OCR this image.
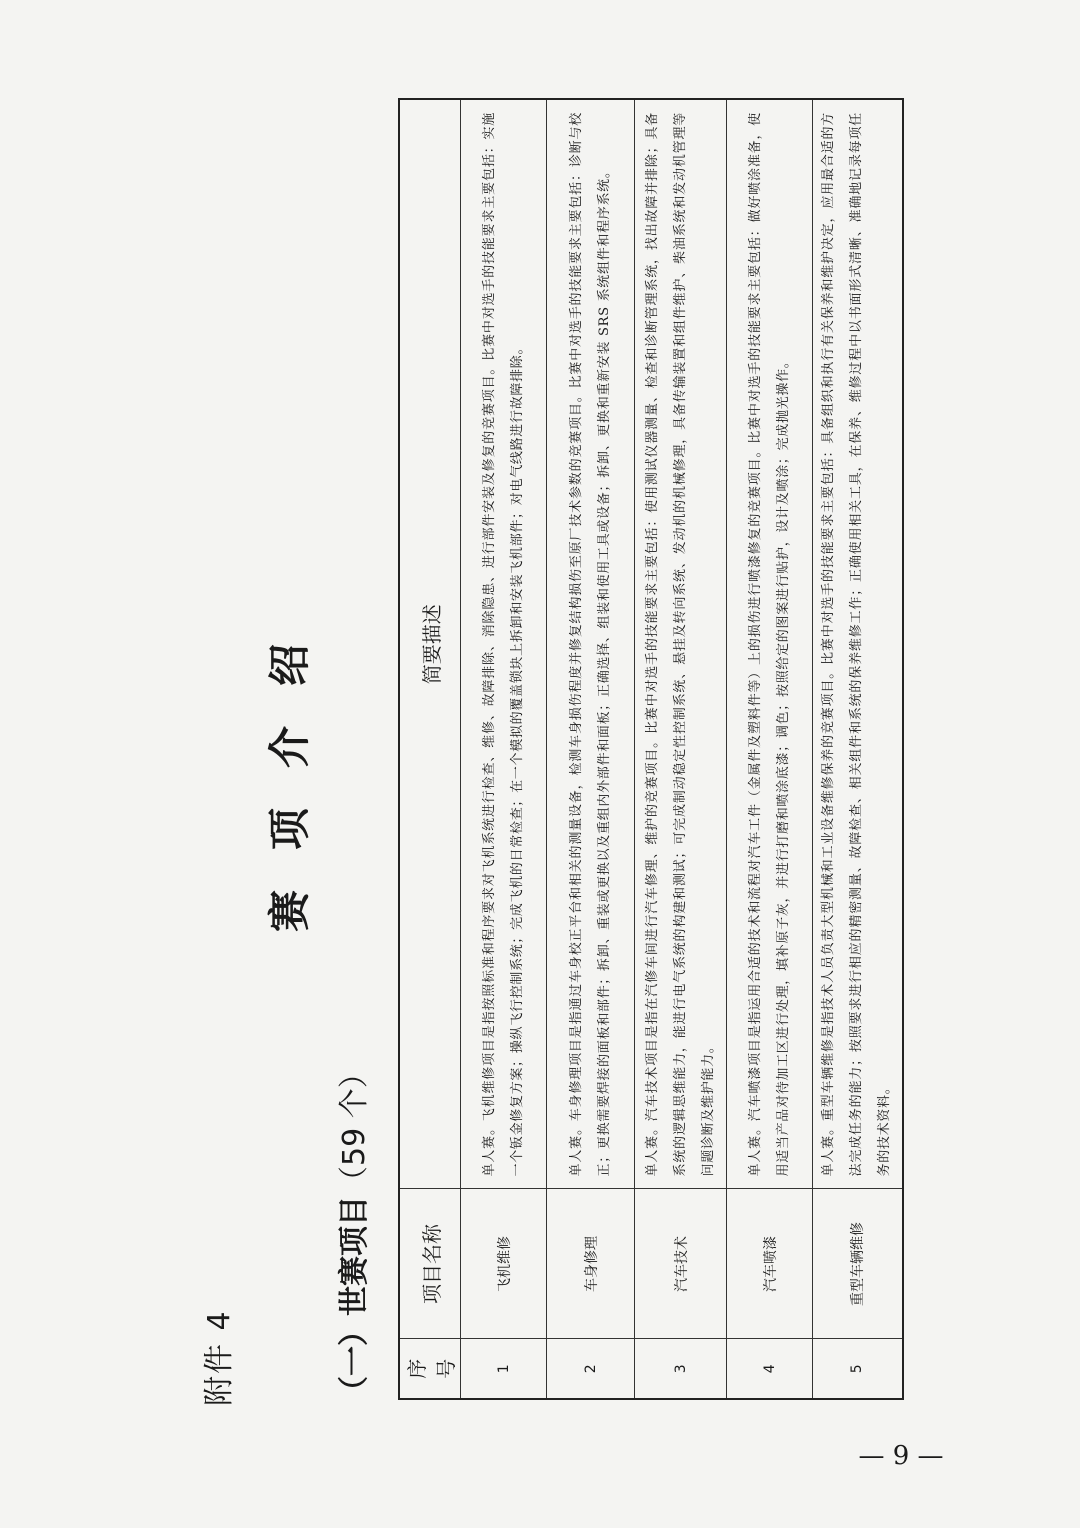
附件 4
赛项介绍
（一）世赛项目（59 个）
序号	项目名称	简要描述
1	飞机维修	单人赛。飞机维修项目是指按照标准和程序要求对飞机系统进行检查、维修、故障排除、消除隐患、进行部件安装及修复的竞赛项目。比赛中对选手的技能要求主要包括：实施一个钣金修复方案；操纵飞行控制系统；完成飞机的日常检查；在一个模拟的覆盖锁块上拆卸和安装飞机部件；对电气线路进行故障排除。
2	车身修理	单人赛。车身修理项目是指通过车身校正平台和相关的测量设备，检测车身损伤程度并修复结构损伤至原厂技术参数的竞赛项目。比赛中对选手的技能要求主要包括：诊断与校正；更换需要焊接的面板和部件；拆卸、重装或更换以及重组内外部件和面板；正确选择、组装和使用工具或设备；拆卸、更换和重新安装 SRS 系统组件和程序系统。
3	汽车技术	单人赛。汽车技术项目是指在汽修车间进行汽车修理、维护的竞赛项目。比赛中对选手的技能要求主要包括：使用测试仪器测量、检查和诊断管理系统，找出故障并排除；具备系统的逻辑思维能力，能进行电气系统的构建和测试；可完成制动稳定性控制系统、悬挂及转向系统、发动机的机械修理，具备传输装置和组件维护、柴油系统和发动机管理等问题诊断及维护能力。
4	汽车喷漆	单人赛。汽车喷漆项目是指运用合适的技术和流程对汽车工件（金属件及塑料件等）上的损伤进行喷漆修复的竞赛项目。比赛中对选手的技能要求主要包括：做好喷涂准备，使用适当产品对待加工区进行处理，填补原子灰，并进行打磨和喷涂底漆；调色；按照给定的图案进行贴护，设计及喷涂；完成抛光操作。
5	重型车辆维修	单人赛。重型车辆维修是指技术人员负责大型机械和工业设备维修保养的竞赛项目。比赛中对选手的技能要求主要包括：具备组织和执行有关保养和维护决定，应用最合适的方法完成任务的能力；按照要求进行相应的精密测量、故障检查、相关组件和系统的保养维修工作；正确使用相关工具，在保养、维修过程中以书面形式清晰、准确地记录每项任务的技术资料。
— 9 —
